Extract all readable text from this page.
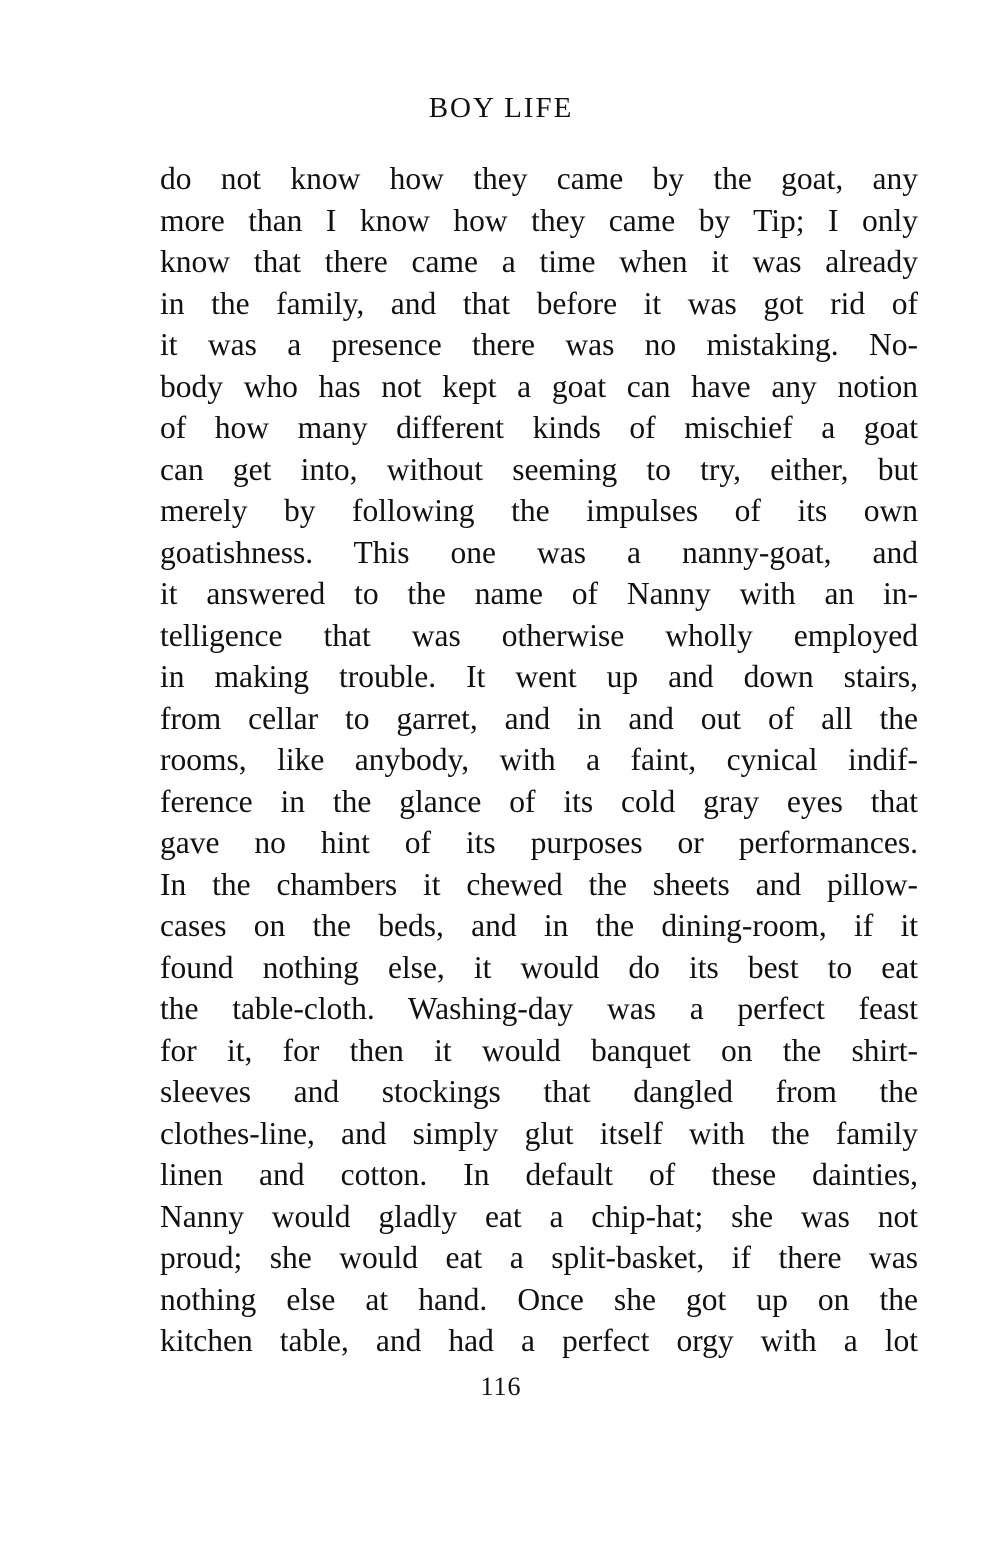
BOY LIFE
do not know how they came by the goat, any
more than I know how they came by Tip; I only
know that there came a time when it was already
in the family, and that before it was got rid of
it was a presence there was no mistaking. No-
body who has not kept a goat can have any notion
of how many different kinds of mischief a goat
can get into, without seeming to try, either, but
merely by following the impulses of its own
goatishness. This one was a nanny-goat, and
it answered to the name of Nanny with an in-
telligence that was otherwise wholly employed
in making trouble. It went up and down stairs,
from cellar to garret, and in and out of all the
rooms, like anybody, with a faint, cynical indif-
ference in the glance of its cold gray eyes that
gave no hint of its purposes or performances.
In the chambers it chewed the sheets and pillow-
cases on the beds, and in the dining-room, if it
found nothing else, it would do its best to eat
the table-cloth. Washing-day was a perfect feast
for it, for then it would banquet on the shirt-
sleeves and stockings that dangled from the
clothes-line, and simply glut itself with the family
linen and cotton. In default of these dainties,
Nanny would gladly eat a chip-hat; she was not
proud; she would eat a split-basket, if there was
nothing else at hand. Once she got up on the
kitchen table, and had a perfect orgy with a lot
116
